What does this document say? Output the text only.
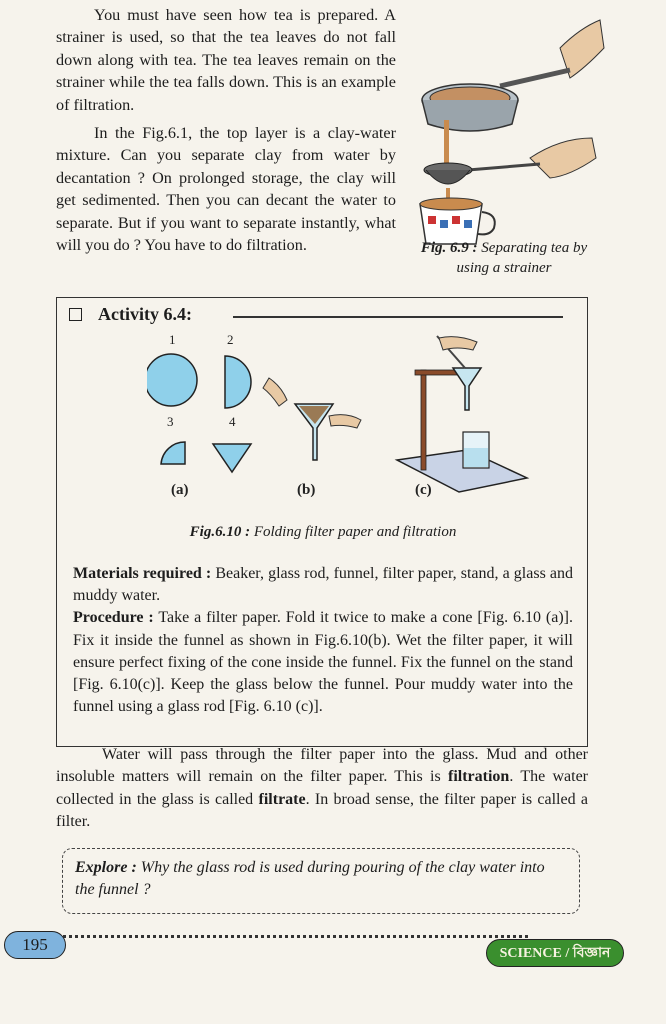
You must have seen how tea is prepared. A strainer is used, so that the tea leaves do not fall down along with tea. The tea leaves remain on the strainer while the tea falls down. This is an example of filtration.

In the Fig.6.1, the top layer is a clay-water mixture. Can you separate clay from water by decantation ? On prolonged storage, the clay will get sedimented. Then you can decant the water to separate. But if you want to separate instantly, what will you do ? You have to do filtration.	Fig. 6.9 : Separating tea by using a strainer
Activity 6.4:
1	2
3	4
(a)	(b)	(c)
Fig.6.10 : Folding filter paper and filtration

Materials required : Beaker, glass rod, funnel, filter paper, stand, a glass and muddy water.

Procedure : Take a filter paper. Fold it twice to make a cone [Fig. 6.10 (a)]. Fix it inside the funnel as shown in Fig.6.10(b). Wet the filter paper, it will ensure perfect fixing of the cone inside the funnel. Fix the funnel on the stand [Fig. 6.10(c)]. Keep the glass below the funnel. Pour muddy water into the funnel using a glass rod [Fig. 6.10 (c)].

Water will pass through the filter paper into the glass. Mud and other insoluble matters will remain on the filter paper. This is filtration. The water collected in the glass is called filtrate. In broad sense, the filter paper is called a filter.

Explore : Why the glass rod is used during pouring of the clay water into the funnel ?
195	SCIENCE / বিজ্ঞান
